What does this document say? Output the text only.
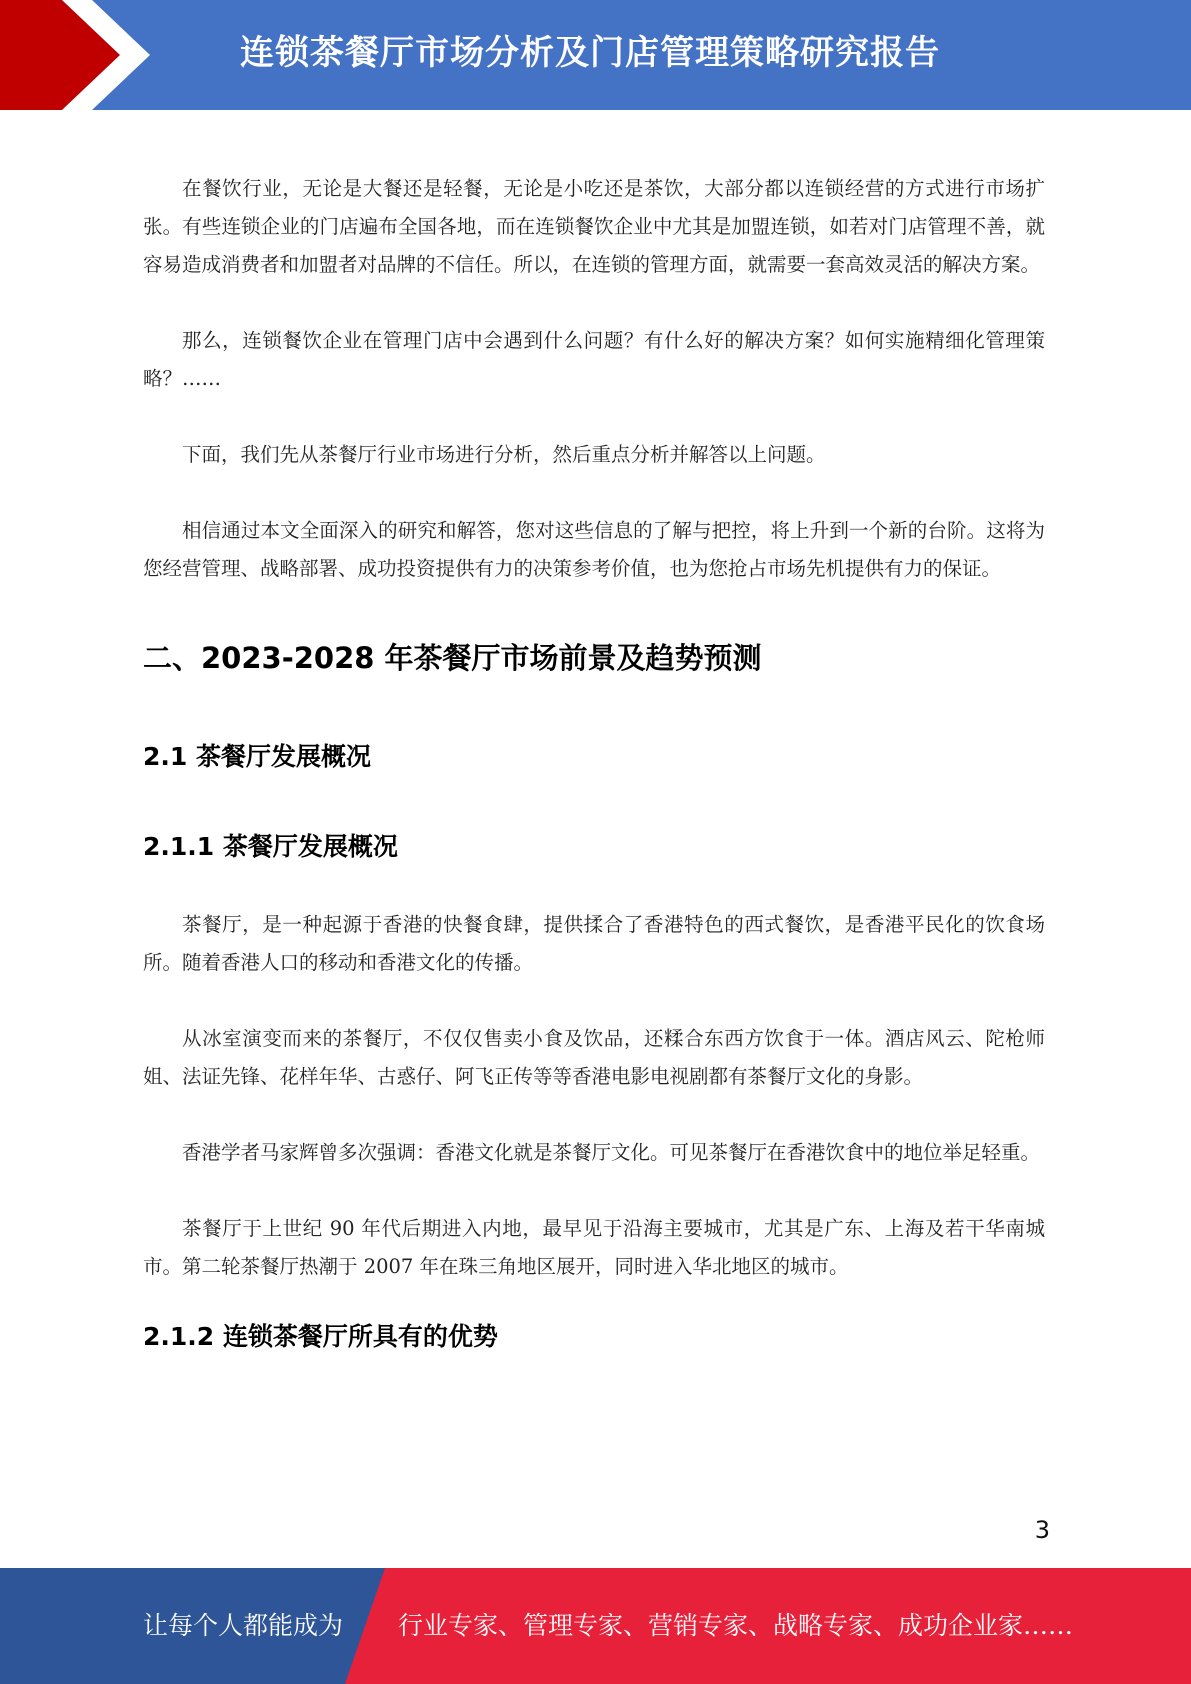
连锁茶餐厅市场分析及门店管理策略研究报告

在餐饮行业，无论是大餐还是轻餐，无论是小吃还是茶饮，大部分都以连锁经营的方式进行市场扩张。有些连锁企业的门店遍布全国各地，而在连锁餐饮企业中尤其是加盟连锁，如若对门店管理不善，就容易造成消费者和加盟者对品牌的不信任。所以，在连锁的管理方面，就需要一套高效灵活的解决方案。

那么，连锁餐饮企业在管理门店中会遇到什么问题？有什么好的解决方案？如何实施精细化管理策略？……

下面，我们先从茶餐厅行业市场进行分析，然后重点分析并解答以上问题。

相信通过本文全面深入的研究和解答，您对这些信息的了解与把控，将上升到一个新的台阶。这将为您经营管理、战略部署、成功投资提供有力的决策参考价值，也为您抢占市场先机提供有力的保证。

二、2023-2028 年茶餐厅市场前景及趋势预测
2.1 茶餐厅发展概况
2.1.1 茶餐厅发展概况

茶餐厅，是一种起源于香港的快餐食肆，提供揉合了香港特色的西式餐饮，是香港平民化的饮食场所。随着香港人口的移动和香港文化的传播。

从冰室演变而来的茶餐厅，不仅仅售卖小食及饮品，还糅合东西方饮食于一体。酒店风云、陀枪师姐、法证先锋、花样年华、古惑仔、阿飞正传等等香港电影电视剧都有茶餐厅文化的身影。

香港学者马家辉曾多次强调：香港文化就是茶餐厅文化。可见茶餐厅在香港饮食中的地位举足轻重。

茶餐厅于上世纪 90 年代后期进入内地，最早见于沿海主要城市，尤其是广东、上海及若干华南城市。第二轮茶餐厅热潮于 2007 年在珠三角地区展开，同时进入华北地区的城市。

2.1.2 连锁茶餐厅所具有的优势
3
让每个人都能成为 行业专家、管理专家、营销专家、战略专家、成功企业家……
